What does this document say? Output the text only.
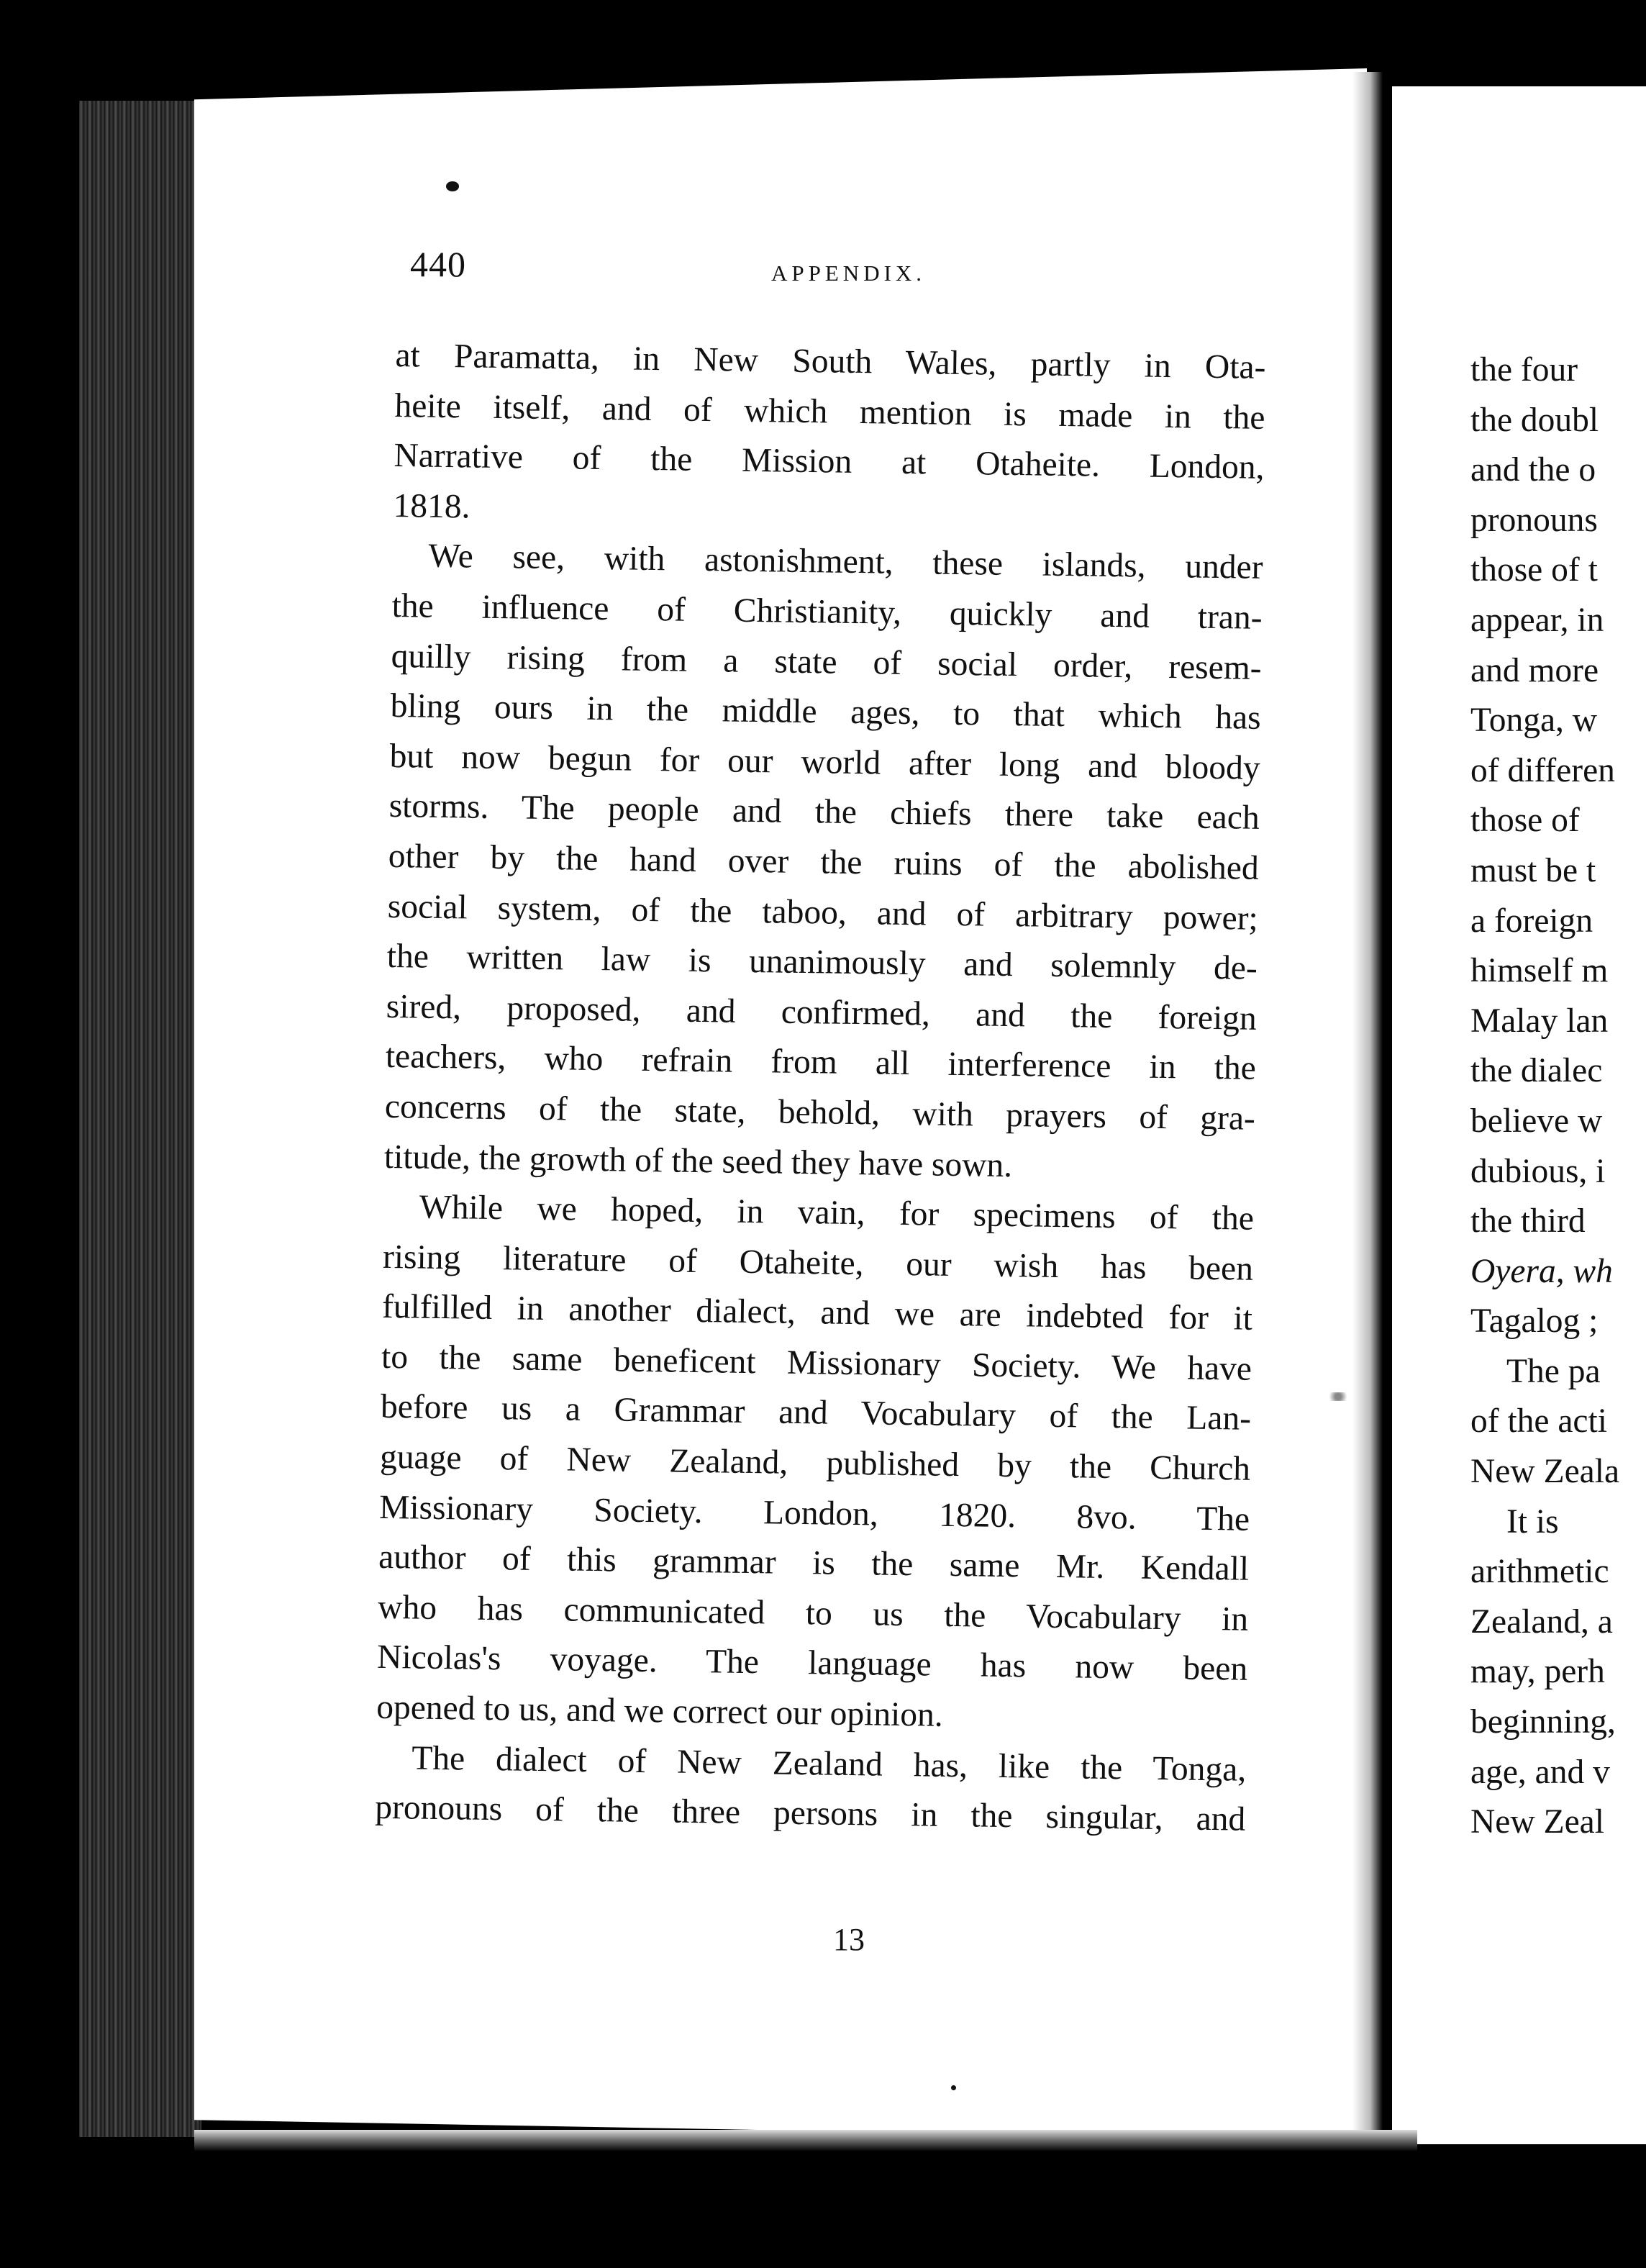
440	APPENDIX.
at Paramatta, in New South Wales, partly in Ota-
heite itself, and of which mention is made in the
Narrative of the Mission at Otaheite. London,
1818.
We see, with astonishment, these islands, under
the influence of Christianity, quickly and tran-
quilly rising from a state of social order, resem-
bling ours in the middle ages, to that which has
but now begun for our world after long and bloody
storms. The people and the chiefs there take each
other by the hand over the ruins of the abolished
social system, of the taboo, and of arbitrary power;
the written law is unanimously and solemnly de-
sired, proposed, and confirmed, and the foreign
teachers, who refrain from all interference in the
concerns of the state, behold, with prayers of gra-
titude, the growth of the seed they have sown.
While we hoped, in vain, for specimens of the
rising literature of Otaheite, our wish has been
fulfilled in another dialect, and we are indebted for it
to the same beneficent Missionary Society. We have
before us a Grammar and Vocabulary of the Lan-
guage of New Zealand, published by the Church
Missionary Society. London, 1820. 8vo. The
author of this grammar is the same Mr. Kendall
who has communicated to us the Vocabulary in
Nicolas's voyage. The language has now been
opened to us, and we correct our opinion.
The dialect of New Zealand has, like the Tonga,
pronouns of the three persons in the singular, and
13
the four
the doubl
and the o
pronouns
those of t
appear, in
and more
Tonga, w
of differen
those of
must be t
a foreign
himself m
Malay lan
the dialec
believe w
dubious, i
the third
Oyera, wh
Tagalog ;
The pa
of the acti
New Zeala
It is
arithmetic
Zealand, a
may, perh
beginning,
age, and v
New Zeal
